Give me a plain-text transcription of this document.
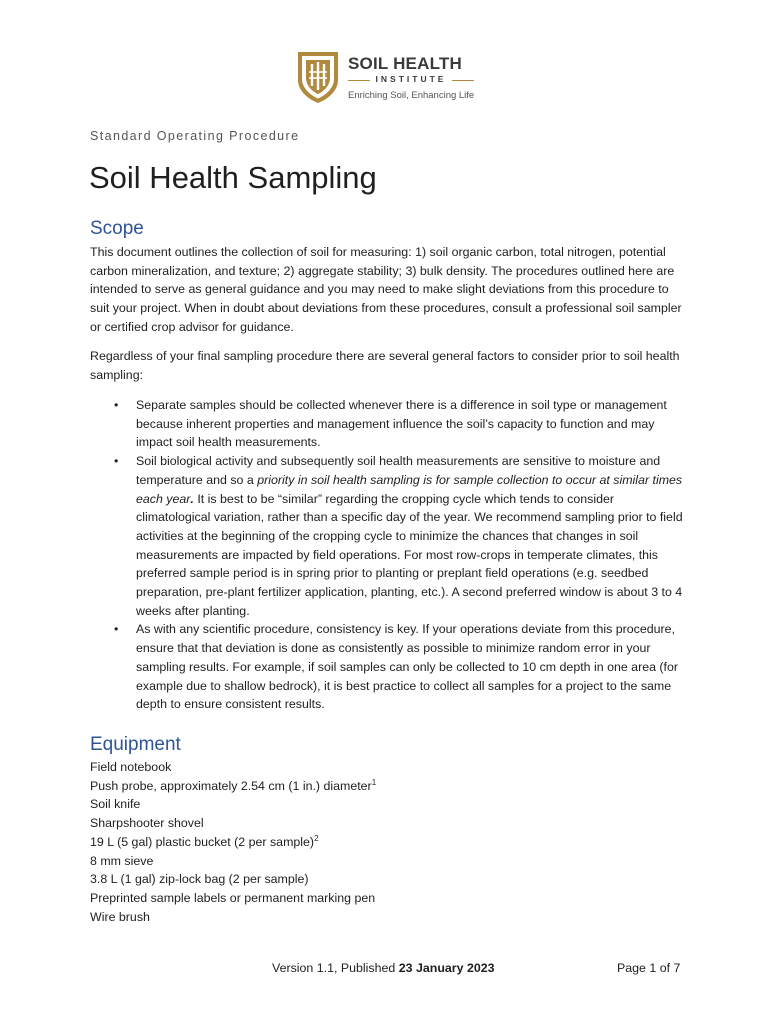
SOIL HEALTH
INSTITUTE
Enriching Soil, Enhancing Life
Standard Operating Procedure
Soil Health Sampling
Scope

This document outlines the collection of soil for measuring: 1) soil organic carbon, total nitrogen, potential carbon mineralization, and texture; 2) aggregate stability; 3) bulk density. The procedures outlined here are intended to serve as general guidance and you may need to make slight deviations from this procedure to suit your project. When in doubt about deviations from these procedures, consult a professional soil sampler or certified crop advisor for guidance.

Regardless of your final sampling procedure there are several general factors to consider prior to soil health sampling:

• Separate samples should be collected whenever there is a difference in soil type or management because inherent properties and management influence the soil’s capacity to function and may impact soil health measurements.
• Soil biological activity and subsequently soil health measurements are sensitive to moisture and temperature and so a priority in soil health sampling is for sample collection to occur at similar times each year. It is best to be “similar” regarding the cropping cycle which tends to consider climatological variation, rather than a specific day of the year. We recommend sampling prior to field activities at the beginning of the cropping cycle to minimize the chances that changes in soil measurements are impacted by field operations. For most row-crops in temperate climates, this preferred sample period is in spring prior to planting or preplant field operations (e.g. seedbed preparation, pre-plant fertilizer application, planting, etc.). A second preferred window is about 3 to 4 weeks after planting.
• As with any scientific procedure, consistency is key. If your operations deviate from this procedure, ensure that that deviation is done as consistently as possible to minimize random error in your sampling results. For example, if soil samples can only be collected to 10 cm depth in one area (for example due to shallow bedrock), it is best practice to collect all samples for a project to the same depth to ensure consistent results.
Equipment
Field notebook
Push probe, approximately 2.54 cm (1 in.) diameter$^1$
Soil knife
Sharpshooter shovel
19 L (5 gal) plastic bucket (2 per sample)$^2$
8 mm sieve
3.8 L (1 gal) zip-lock bag (2 per sample)
Preprinted sample labels or permanent marking pen
Wire brush
Version 1.1, Published 23 January 2023	Page 1 of 7
